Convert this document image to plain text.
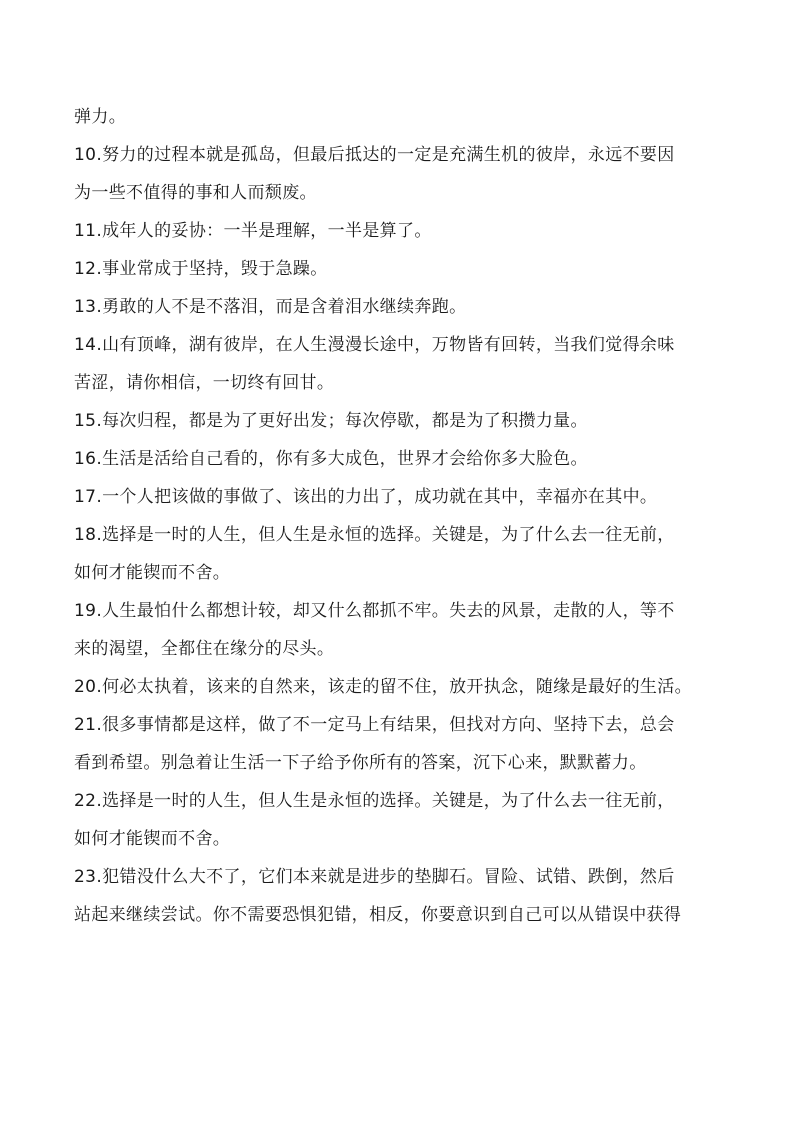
弹力。
10.努力的过程本就是孤岛，但最后抵达的一定是充满生机的彼岸，永远不要因
为一些不值得的事和人而颓废。
11.成年人的妥协：一半是理解，一半是算了。
12.事业常成于坚持，毁于急躁。
13.勇敢的人不是不落泪，而是含着泪水继续奔跑。
14.山有顶峰，湖有彼岸，在人生漫漫长途中，万物皆有回转，当我们觉得余味
苦涩，请你相信，一切终有回甘。
15.每次归程，都是为了更好出发；每次停歇，都是为了积攒力量。
16.生活是活给自己看的，你有多大成色，世界才会给你多大脸色。
17.一个人把该做的事做了、该出的力出了，成功就在其中，幸福亦在其中。
18.选择是一时的人生，但人生是永恒的选择。关键是，为了什么去一往无前，
如何才能锲而不舍。
19.人生最怕什么都想计较，却又什么都抓不牢。失去的风景，走散的人，等不
来的渴望，全都住在缘分的尽头。
20.何必太执着，该来的自然来，该走的留不住，放开执念，随缘是最好的生活。
21.很多事情都是这样，做了不一定马上有结果，但找对方向、坚持下去，总会
看到希望。别急着让生活一下子给予你所有的答案，沉下心来，默默蓄力。
22.选择是一时的人生，但人生是永恒的选择。关键是，为了什么去一往无前，
如何才能锲而不舍。
23.犯错没什么大不了，它们本来就是进步的垫脚石。冒险、试错、跌倒，然后
站起来继续尝试。你不需要恐惧犯错，相反，你要意识到自己可以从错误中获得
